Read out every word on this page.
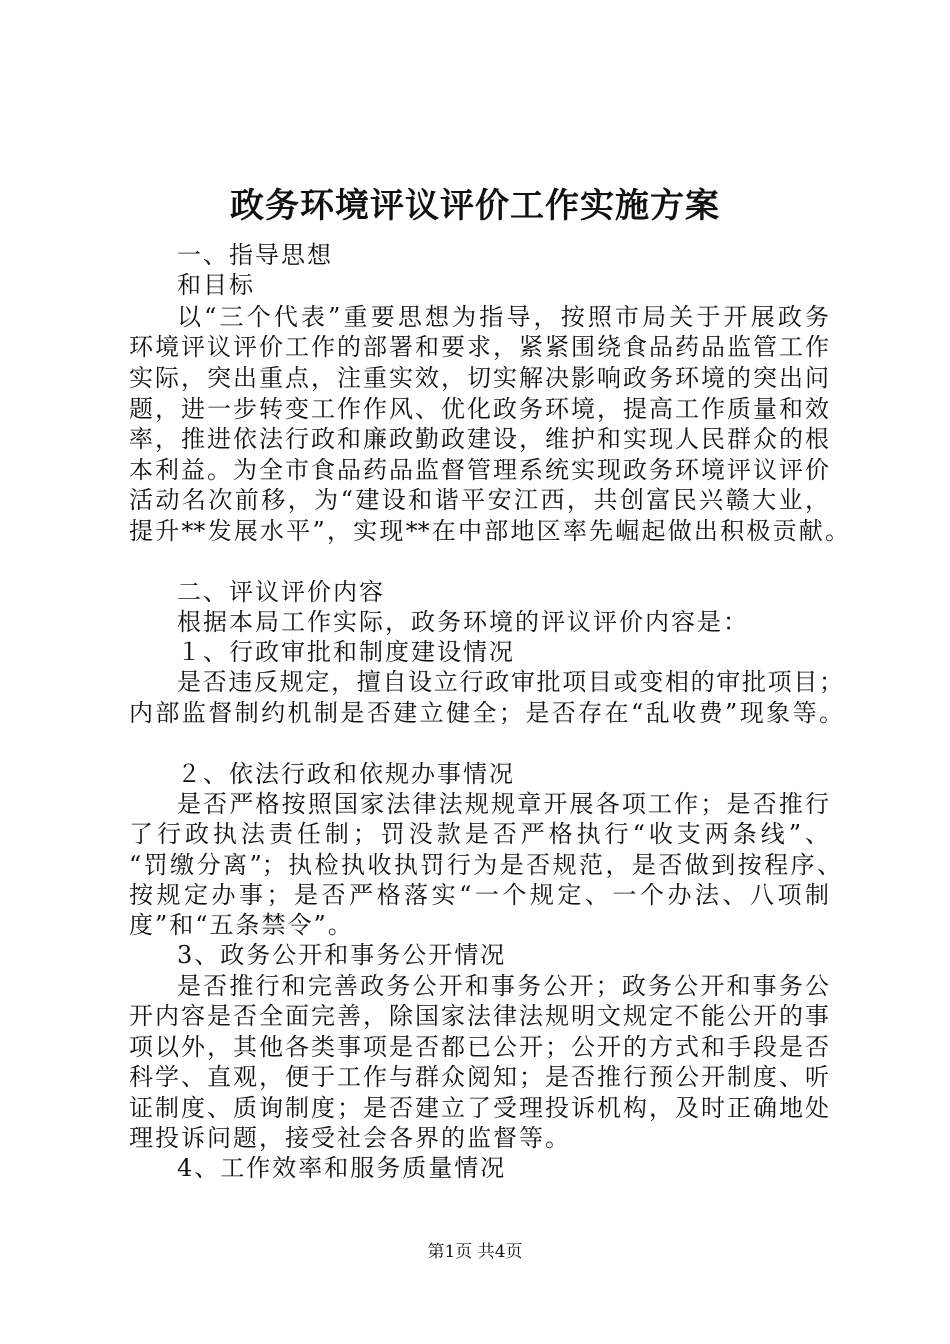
政务环境评议评价工作实施方案
一、指导思想
和目标
以“三个代表”重要思想为指导，按照市局关于开展政务
环境评议评价工作的部署和要求，紧紧围绕食品药品监管工作
实际，突出重点，注重实效，切实解决影响政务环境的突出问
题，进一步转变工作作风、优化政务环境，提高工作质量和效
率，推进依法行政和廉政勤政建设，维护和实现人民群众的根
本利益。为全市食品药品监督管理系统实现政务环境评议评价
活动名次前移，为“建设和谐平安江西，共创富民兴赣大业，
提升**发展水平”，实现**在中部地区率先崛起做出积极贡献。
二、评议评价内容
根据本局工作实际，政务环境的评议评价内容是：
１、行政审批和制度建设情况
是否违反规定，擅自设立行政审批项目或变相的审批项目；
内部监督制约机制是否建立健全；是否存在“乱收费”现象等。
２、依法行政和依规办事情况
是否严格按照国家法律法规规章开展各项工作；是否推行
了行政执法责任制；罚没款是否严格执行“收支两条线”、
“罚缴分离”；执检执收执罚行为是否规范，是否做到按程序、
按规定办事；是否严格落实“一个规定、一个办法、八项制
度”和“五条禁令”。
3、政务公开和事务公开情况
是否推行和完善政务公开和事务公开；政务公开和事务公
开内容是否全面完善，除国家法律法规明文规定不能公开的事
项以外，其他各类事项是否都已公开；公开的方式和手段是否
科学、直观，便于工作与群众阅知；是否推行预公开制度、听
证制度、质询制度；是否建立了受理投诉机构，及时正确地处
理投诉问题，接受社会各界的监督等。
4、工作效率和服务质量情况
第1页 共4页
